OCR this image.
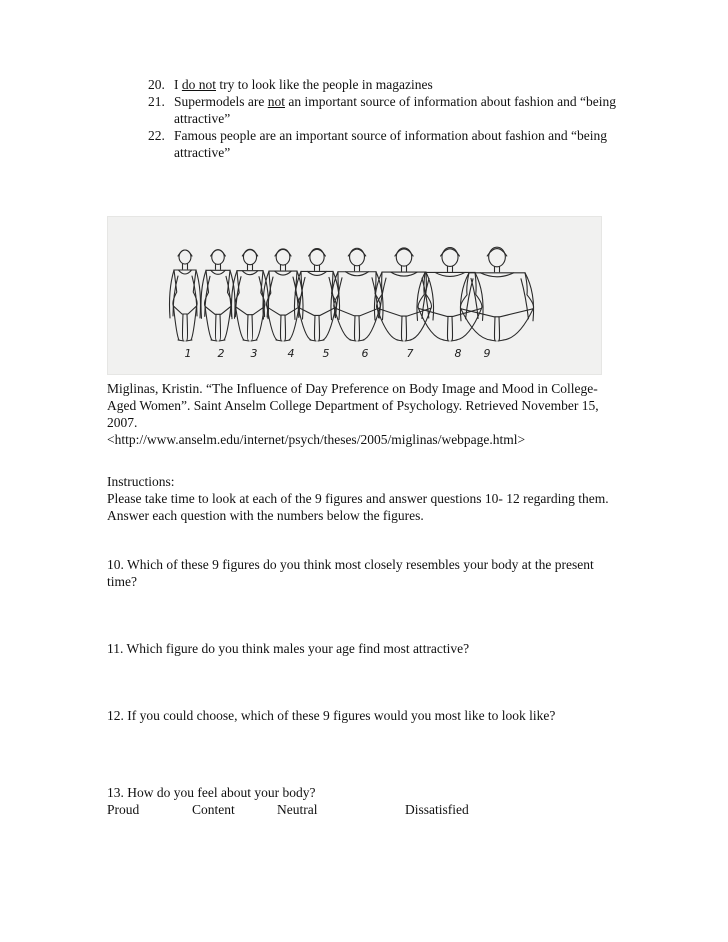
20. I do not try to look like the people in magazines
21. Supermodels are not an important source of information about fashion and “being attractive”
22. Famous people are an important source of information about fashion and “being attractive”
1 2 3	4	5	6	7	8 9
Miglinas, Kristin. “The Influence of Day Preference on Body Image and Mood in College-Aged Women”. Saint Anselm College Department of Psychology. Retrieved November 15, 2007.
<http://www.anselm.edu/internet/psych/theses/2005/miglinas/webpage.html>
Instructions:
Please take time to look at each of the 9 figures and answer questions 10- 12 regarding them. Answer each question with the numbers below the figures.
10. Which of these 9 figures do you think most closely resembles your body at the present time?
11. Which figure do you think males your age find most attractive?
12. If you could choose, which of these 9 figures would you most like to look like?
13. How do you feel about your body?
Proud	Content	Neutral	Dissatisfied
